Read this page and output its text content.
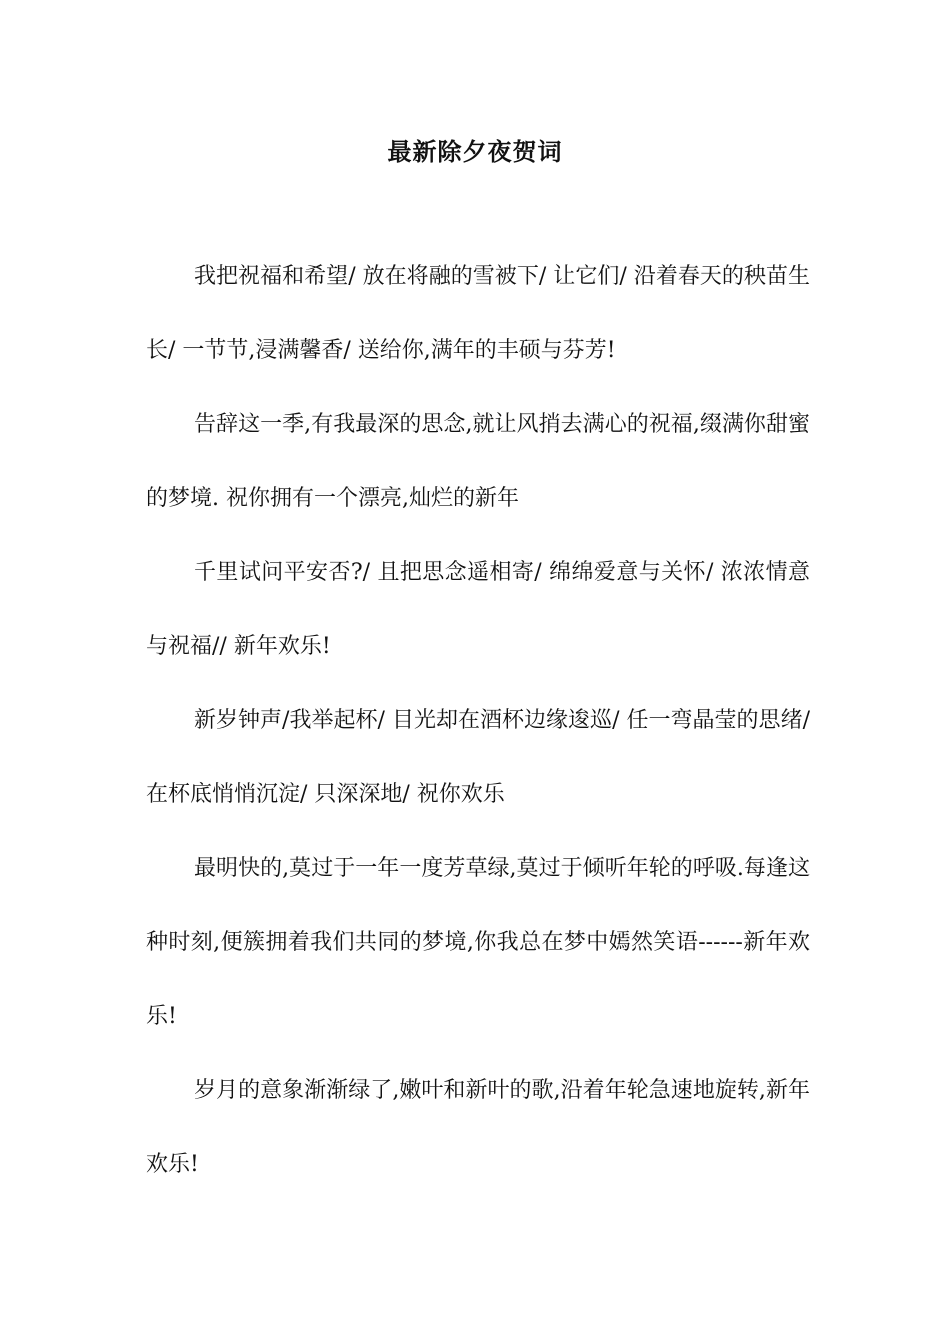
最新除夕夜贺词

我把祝福和希望/ 放在将融的雪被下/ 让它们/ 沿着春天的秧苗生长/ 一节节,浸满馨香/ 送给你,满年的丰硕与芬芳!

告辞这一季,有我最深的思念,就让风捎去满心的祝福,缀满你甜蜜的梦境. 祝你拥有一个漂亮,灿烂的新年

千里试问平安否?/ 且把思念遥相寄/ 绵绵爱意与关怀/ 浓浓情意与祝福// 新年欢乐!

新岁钟声/我举起杯/ 目光却在酒杯边缘逡巡/ 任一弯晶莹的思绪/ 在杯底悄悄沉淀/ 只深深地/ 祝你欢乐

最明快的,莫过于一年一度芳草绿,莫过于倾听年轮的呼吸.每逢这种时刻,便簇拥着我们共同的梦境,你我总在梦中嫣然笑语------新年欢乐!

岁月的意象渐渐绿了,嫩叶和新叶的歌,沿着年轮急速地旋转,新年欢乐!
